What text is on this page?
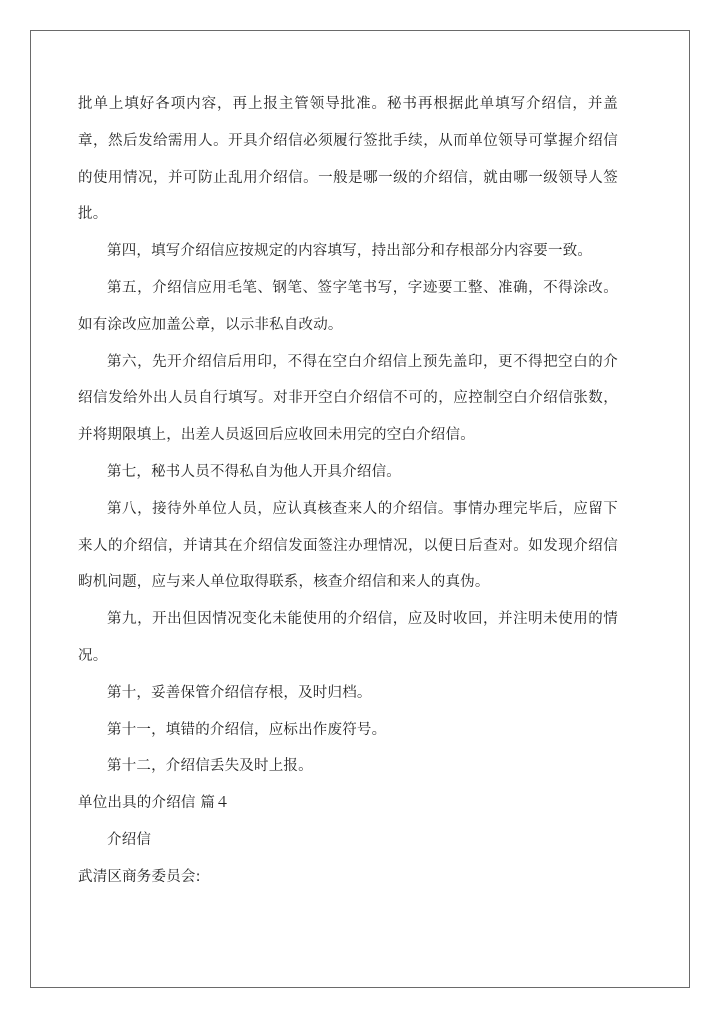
批单上填好各项内容，再上报主管领导批准。秘书再根据此单填写介绍信，并盖章，然后发给需用人。开具介绍信必须履行签批手续，从而单位领导可掌握介绍信的使用情况，并可防止乱用介绍信。一般是哪一级的介绍信，就由哪一级领导人签批。

第四，填写介绍信应按规定的内容填写，持出部分和存根部分内容要一致。

第五，介绍信应用毛笔、钢笔、签字笔书写，字迹要工整、准确，不得涂改。如有涂改应加盖公章，以示非私自改动。

第六，先开介绍信后用印，不得在空白介绍信上预先盖印，更不得把空白的介绍信发给外出人员自行填写。对非开空白介绍信不可的，应控制空白介绍信张数，并将期限填上，出差人员返回后应收回未用完的空白介绍信。

第七，秘书人员不得私自为他人开具介绍信。

第八，接待外单位人员，应认真核查来人的介绍信。事情办理完毕后，应留下来人的介绍信，并请其在介绍信发面签注办理情况，以便日后查对。如发现介绍信畇机问题，应与来人单位取得联系，核查介绍信和来人的真伪。

第九，开出但因情况变化未能使用的介绍信，应及时收回，并注明未使用的情况。

第十，妥善保管介绍信存根，及时归档。

第十一，填错的介绍信，应标出作废符号。

第十二，介绍信丢失及时上报。

单位出具的介绍信 篇４

介绍信

武清区商务委员会:
